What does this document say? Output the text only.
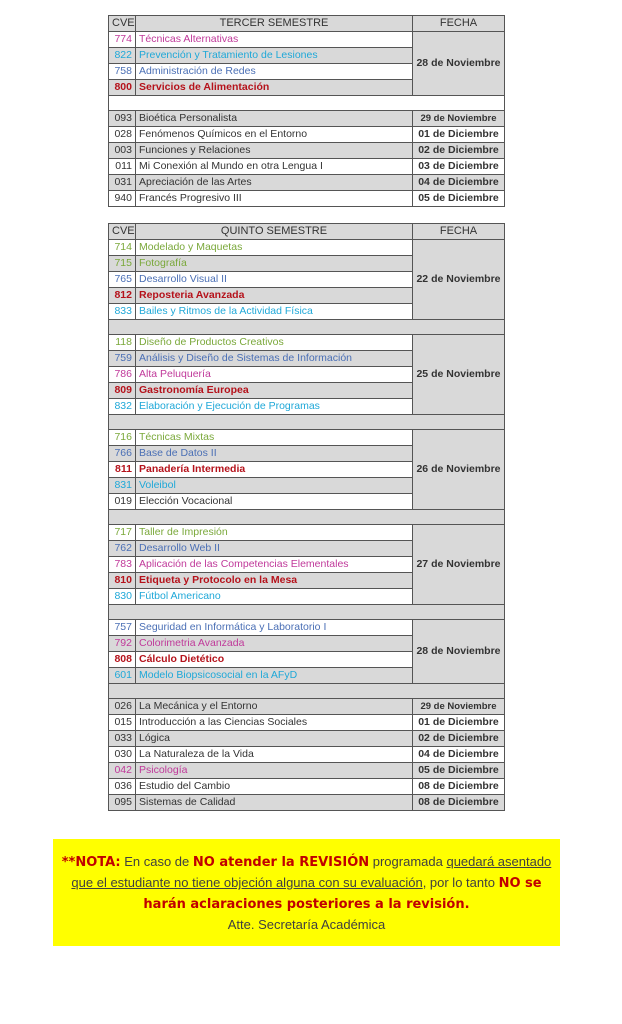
CVE	TERCER SEMESTRE	FECHA
774	Técnicas Alternativas	28 de Noviembre
822	Prevención y Tratamiento de Lesiones	
758	Administración de Redes	
800	Servicios de Alimentación	

093	Bioética Personalista	29 de Noviembre
028	Fenómenos Químicos en el Entorno	01 de Diciembre
003	Funciones y Relaciones	02 de Diciembre
011	Mi Conexión al Mundo en otra Lengua I	03 de Diciembre
031	Apreciación de las Artes	04 de Diciembre
940	Francés Progresivo III	05 de Diciembre
CVE	QUINTO SEMESTRE	FECHA
714	Modelado y Maquetas	22 de Noviembre
715	Fotografía	
765	Desarrollo Visual II	
812	Reposteria Avanzada	
833	Bailes y Ritmos de la Actividad Física	

118	Diseño de Productos Creativos	25 de Noviembre
759	Análisis y Diseño de Sistemas de Información	
786	Alta Peluquería	
809	Gastronomía Europea	
832	Elaboración y Ejecución de Programas	

716	Técnicas Mixtas	26 de Noviembre
766	Base de Datos II	
811	Panadería Intermedia	
831	Voleibol	
019	Elección Vocacional	

717	Taller de Impresión	27 de Noviembre
762	Desarrollo Web II	
783	Aplicación de las Competencias Elementales	
810	Etiqueta y Protocolo en la Mesa	
830	Fútbol Americano	

757	Seguridad en Informática y Laboratorio I	28 de Noviembre
792	Colorimetria Avanzada	
808	Cálculo Dietético	
601	Modelo Biopsicosocial en la AFyD	

026	La Mecánica y el Entorno	29 de Noviembre
015	Introducción a las Ciencias Sociales	01 de Diciembre
033	Lógica	02 de Diciembre
030	La Naturaleza de la Vida	04 de Diciembre
042	Psicología	05 de Diciembre
036	Estudio del Cambio	08 de Diciembre
095	Sistemas de Calidad	08 de Diciembre
**NOTA: En caso de NO atender la REVISIÓN programada quedará asentado que el estudiante no tiene objeción alguna con su evaluación, por lo tanto NO se harán aclaraciones posteriores a la revisión.
Atte. Secretaría Académica
